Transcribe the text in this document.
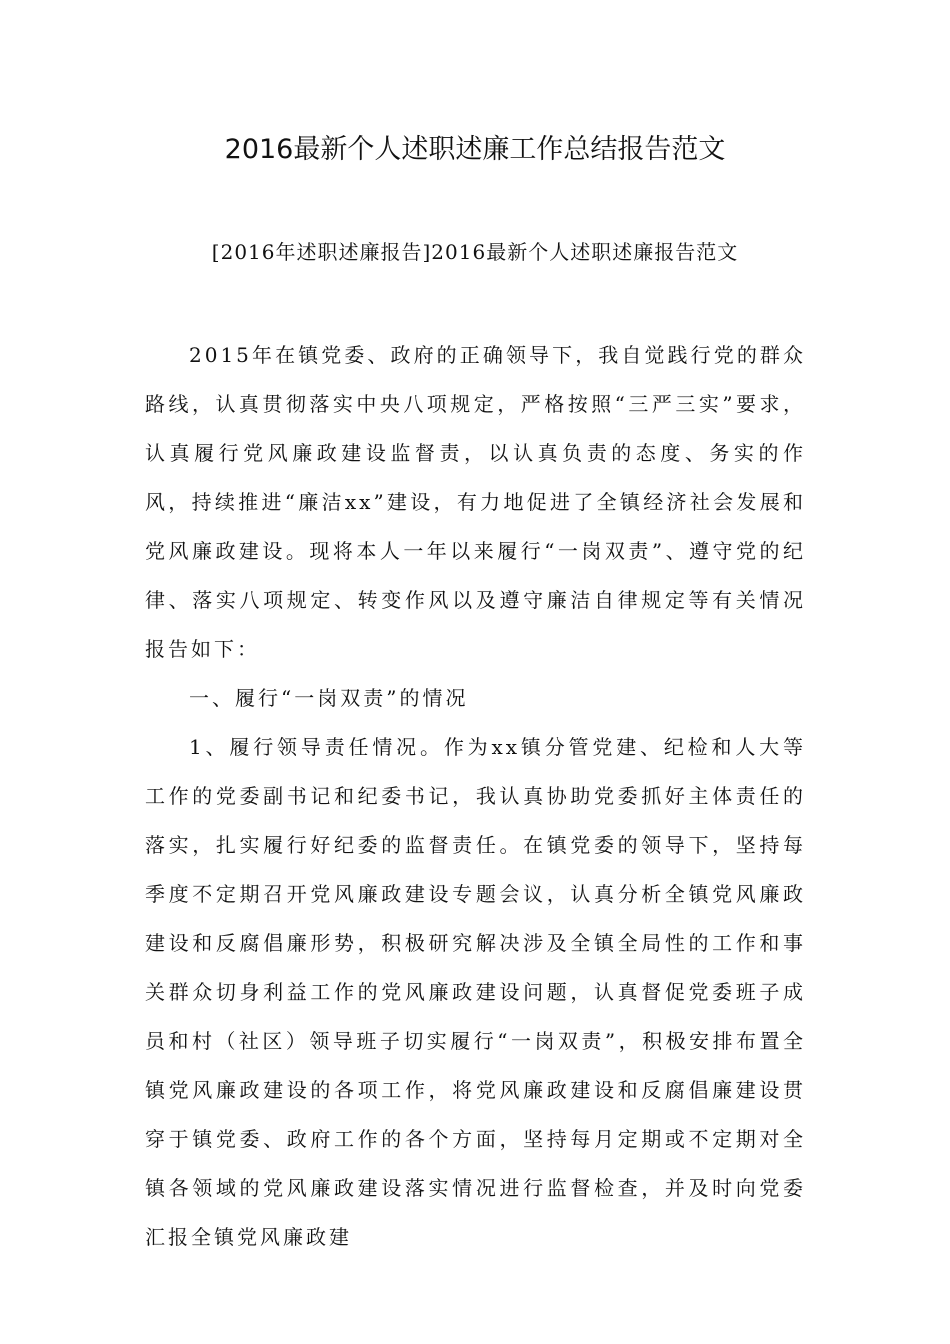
2016最新个人述职述廉工作总结报告范文
[2016年述职述廉报告]2016最新个人述职述廉报告范文

2015年在镇党委、政府的正确领导下，我自觉践行党的群众路线，认真贯彻落实中央八项规定，严格按照“三严三实”要求，认真履行党风廉政建设监督责，以认真负责的态度、务实的作风，持续推进“廉洁xx”建设，有力地促进了全镇经济社会发展和党风廉政建设。现将本人一年以来履行“一岗双责”、遵守党的纪律、落实八项规定、转变作风以及遵守廉洁自律规定等有关情况报告如下：

一、履行“一岗双责”的情况

1、履行领导责任情况。作为xx镇分管党建、纪检和人大等工作的党委副书记和纪委书记，我认真协助党委抓好主体责任的落实，扎实履行好纪委的监督责任。在镇党委的领导下，坚持每季度不定期召开党风廉政建设专题会议，认真分析全镇党风廉政建设和反腐倡廉形势，积极研究解决涉及全镇全局性的工作和事关群众切身利益工作的党风廉政建设问题，认真督促党委班子成员和村（社区）领导班子切实履行“一岗双责”，积极安排布置全镇党风廉政建设的各项工作，将党风廉政建设和反腐倡廉建设贯穿于镇党委、政府工作的各个方面，坚持每月定期或不定期对全镇各领域的党风廉政建设落实情况进行监督检查，并及时向党委汇报全镇党风廉政建
